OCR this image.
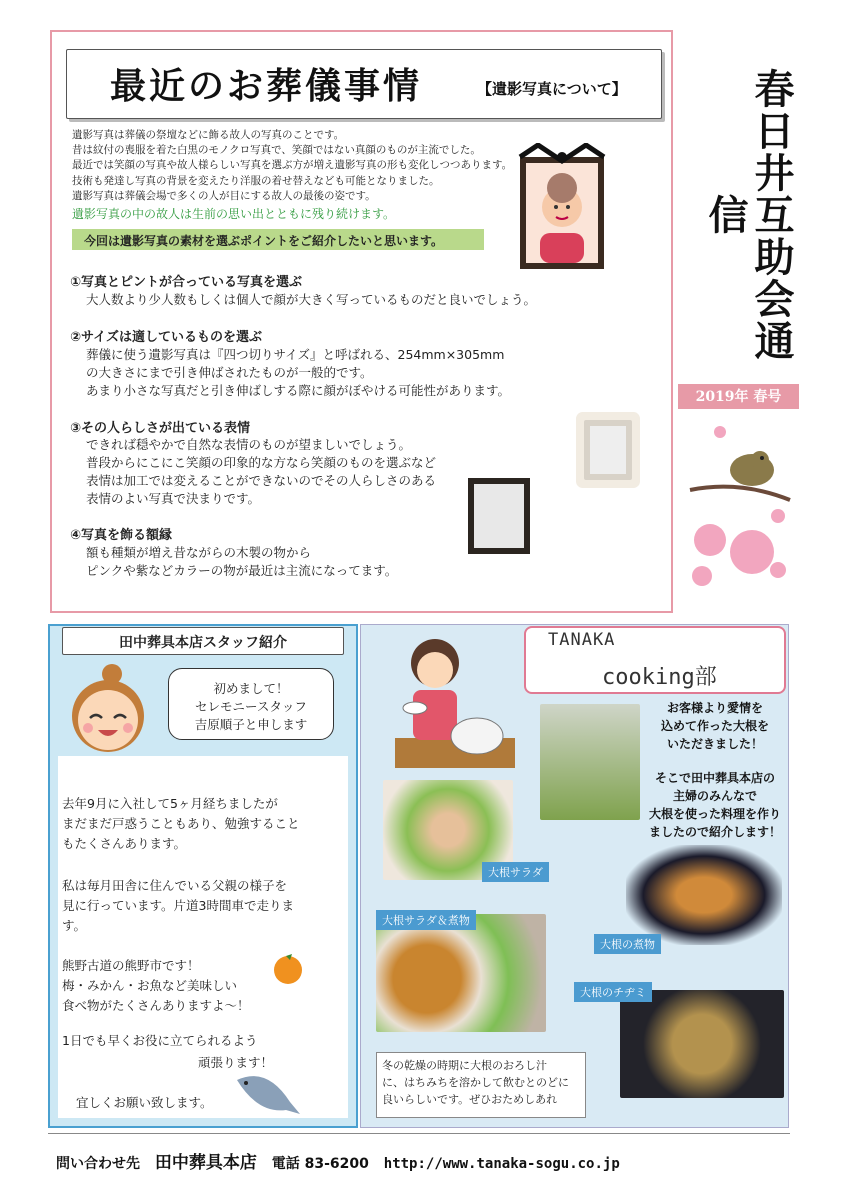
最近のお葬儀事情	【遺影写真について】
遺影写真は葬儀の祭壇などに飾る故人の写真のことです。
昔は紋付の喪服を着た白黒のモノクロ写真で、笑顔ではない真顔のものが主流でした。
最近では笑顔の写真や故人様らしい写真を選ぶ方が増え遺影写真の形も変化しつつあります。
技術も発達し写真の背景を変えたり洋服の着せ替えなども可能となりました。
遺影写真は葬儀会場で多くの人が目にする故人の最後の姿です。
遺影写真の中の故人は生前の思い出とともに残り続けます。
今回は遺影写真の素材を選ぶポイントをご紹介したいと思います。
①写真とピントが合っている写真を選ぶ
大人数より少人数もしくは個人で顔が大きく写っているものだと良いでしょう。
②サイズは適しているものを選ぶ
葬儀に使う遺影写真は『四つ切りサイズ』と呼ばれる、254mm×305mm
の大きさにまで引き伸ばされたものが一般的です。
あまり小さな写真だと引き伸ばしする際に顔がぼやける可能性があります。
③その人らしさが出ている表情
できれば穏やかで自然な表情のものが望ましいでしょう。
普段からにこにこ笑顔の印象的な方なら笑顔のものを選ぶなど
表情は加工では変えることができないのでその人らしさのある
表情のよい写真で決まりです。
④写真を飾る額縁
額も種類が増え昔ながらの木製の物から
ピンクや紫などカラーの物が最近は主流になってます。
春日井互助会通信
2019年 春号
田中葬具本店スタッフ紹介
初めまして！
セレモニースタッフ
吉原順子と申します
去年9月に入社して5ヶ月経ちましたが
まだまだ戸惑うこともあり、勉強すること
もたくさんあります。
私は毎月田舎に住んでいる父親の様子を
見に行っています。片道3時間車で走りま
す。
熊野古道の熊野市です！
梅・みかん・お魚など美味しい
食べ物がたくさんありますよ～！
1日でも早くお役に立てられるよう
頑張ります！
宜しくお願い致します。
TANAKA
cooking部
お客様より愛情を
込めて作った大根を
いただきました！
そこで田中葬具本店の
主婦のみんなで
大根を使った料理を作り
ましたので紹介します！
大根サラダ
大根サラダ＆煮物
大根の煮物
大根のチヂミ
冬の乾燥の時期に大根のおろし汁
に、はちみちを溶かして飲むとのどに
良いらしいです。ぜひおためしあれ
問い合わせ先 田中葬具本店 電話 83-6200 http://www.tanaka-sogu.co.jp
